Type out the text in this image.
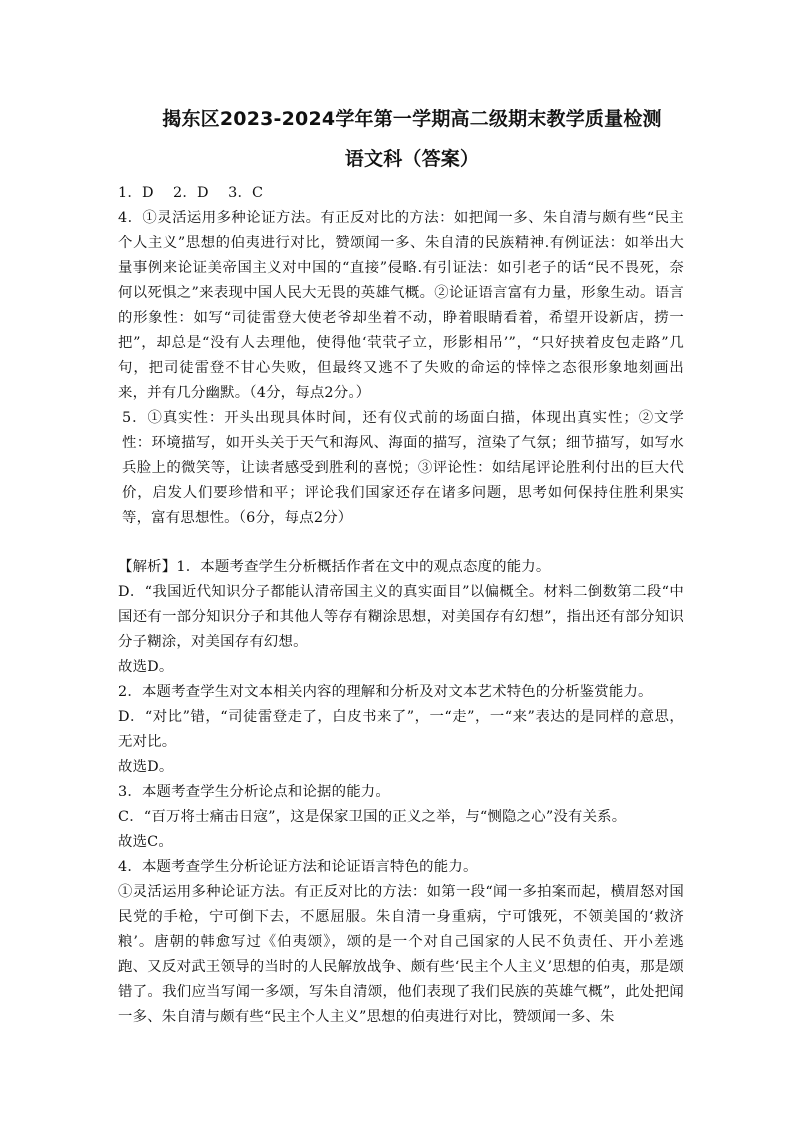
揭东区2023-2024学年第一学期高二级期末教学质量检测
语文科（答案）

1．D　 2．D　 3．C

4．①灵活运用多种论证方法。有正反对比的方法：如把闻一多、朱自清与颇有些“民主个人主义”思想的伯夷进行对比，赞颂闻一多、朱自清的民族精神.有例证法：如举出大量事例来论证美帝国主义对中国的“直接”侵略.有引证法：如引老子的话“民不畏死，奈何以死惧之”来表现中国人民大无畏的英雄气概。②论证语言富有力量，形象生动。语言的形象性：如写“司徒雷登大使老爷却坐着不动，睁着眼睛看着，希望开设新店，捞一把”，却总是“没有人去理他，使得他‘茕茕孑立，形影相吊’”，“只好挟着皮包走路”几句，把司徒雷登不甘心失败，但最终又逃不了失败的命运的悻悻之态很形象地刻画出来，并有几分幽默。（4分，每点2分。）

5．①真实性：开头出现具体时间，还有仪式前的场面白描，体现出真实性；②文学性：环境描写，如开头关于天气和海风、海面的描写，渲染了气氛；细节描写，如写水兵脸上的微笑等，让读者感受到胜利的喜悦；③评论性：如结尾评论胜利付出的巨大代价，启发人们要珍惜和平；评论我们国家还存在诸多问题，思考如何保持住胜利果实等，富有思想性。（6分，每点2分）

【解析】1．本题考查学生分析概括作者在文中的观点态度的能力。

D．“我国近代知识分子都能认清帝国主义的真实面目”以偏概全。材料二倒数第二段“中国还有一部分知识分子和其他人等存有糊涂思想，对美国存有幻想”，指出还有部分知识分子糊涂，对美国存有幻想。

故选D。

2．本题考查学生对文本相关内容的理解和分析及对文本艺术特色的分析鉴赏能力。

D．“对比”错，“司徒雷登走了，白皮书来了”，一“走”，一“来”表达的是同样的意思，无对比。

故选D。

3．本题考查学生分析论点和论据的能力。

C．“百万将士痛击日寇”，这是保家卫国的正义之举，与“恻隐之心”没有关系。

故选C。

4．本题考查学生分析论证方法和论证语言特色的能力。

①灵活运用多种论证方法。有正反对比的方法：如第一段“闻一多拍案而起，横眉怒对国民党的手枪，宁可倒下去，不愿屈服。朱自清一身重病，宁可饿死，不领美国的‘救济粮’。唐朝的韩愈写过《伯夷颂》，颂的是一个对自己国家的人民不负责任、开小差逃跑、又反对武王领导的当时的人民解放战争、颇有些‘民主个人主义’思想的伯夷，那是颂错了。我们应当写闻一多颂，写朱自清颂，他们表现了我们民族的英雄气概”，此处把闻一多、朱自清与颇有些“民主个人主义”思想的伯夷进行对比，赞颂闻一多、朱
